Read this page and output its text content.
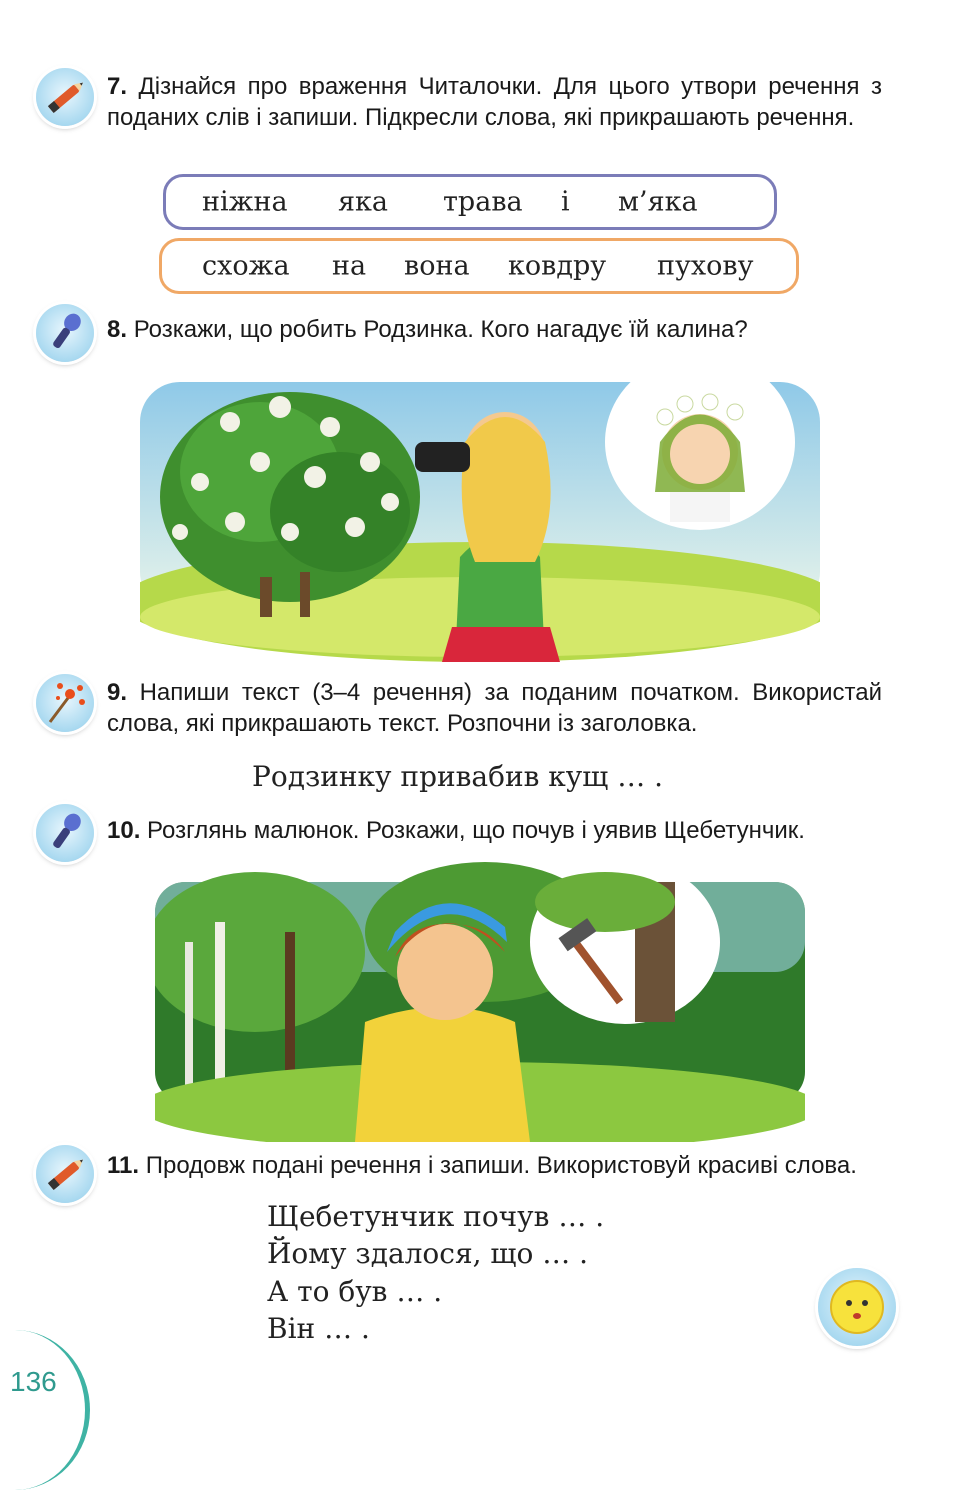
7. Дізнайся про враження Читалочки. Для цього утвори речення з поданих слів і запиши. Підкресли слова, які прикрашають речення.
ніжна яка трава і м’яка
схожа на вона ковдру пухову
8. Розкажи, що робить Родзинка. Кого нагадує їй калина?
9. Напиши текст (3–4 речення) за поданим початком. Використай слова, які прикрашають текст. Розпочни із заголовка.
Родзинку привабив кущ … .
10. Розглянь малюнок. Розкажи, що почув і уявив Щебетунчик.
11. Продовж подані речення і запиши. Використовуй красиві слова.
Щебетунчик почув … .
Йому здалося, що … .
А то був … .
Він … .
136
